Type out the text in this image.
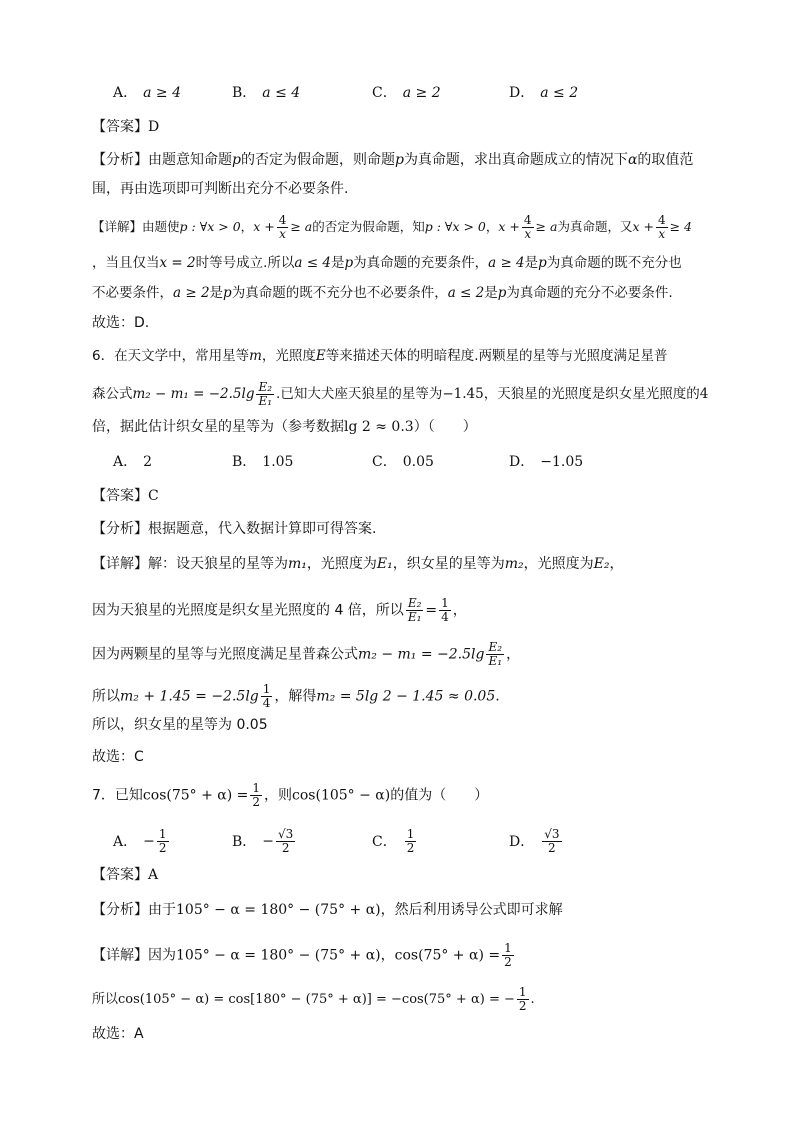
A． a ≥ 4	B． a ≤ 4	C． a ≥ 2	D． a ≤ 2
【答案】D
【分析】由题意知命题p的否定为假命题，则命题p为真命题，求出真命题成立的情况下α的取值范
围，再由选项即可判断出充分不必要条件.
【详解】由题使p : ∀x > 0，$x + \frac{4}{x} \ge a$的否定为假命题，知p : ∀x > 0，$x + \frac{4}{x} \ge a$为真命题，又$x + \frac{4}{x} \ge 4$
，当且仅当x = 2时等号成立.所以a ≤ 4是p为真命题的充要条件，a ≥ 4是p为真命题的既不充分也
不必要条件，a ≥ 2是p为真命题的既不充分也不必要条件，a ≤ 2是p为真命题的充分不必要条件.
故选：D.
6．在天文学中，常用星等m，光照度E等来描述天体的明暗程度.两颗星的星等与光照度满足星普
森公式$m_2 - m_1 = -2.5\lg \frac{\text{E₂}}{\text{E₁}}$ .已知大犬座天狼星的星等为−1.45，天狼星的光照度是织女星光照度的4
倍，据此估计织女星的星等为（参考数据lg 2 ≈ 0.3）（　　）
A． 2	B． 1.05	C． 0.05	D． −1.05
【答案】C
【分析】根据题意，代入数据计算即可得答案.
【详解】解：设天狼星的星等为m₁，光照度为E₁，织女星的星等为m₂，光照度为E₂，
因为天狼星的光照度是织女星光照度的 4 倍，所以 $\frac{\text{E₂}}{\text{E₁}} = \frac{1}{4}$ ，
因为两颗星的星等与光照度满足星普森公式$m_2 - m_1 = -2.5\lg \frac{\text{E₂}}{\text{E₁}}$ ，
所以$m_2 + 1.45 = -2.5\lg \frac{1}{4}$ ，解得m₂ = 5lg 2 − 1.45 ≈ 0.05.
所以，织女星的星等为 0.05
故选：C
7．已知$\cos(75^\circ + \alpha) = \frac{1}{2}$ ，则cos(105° − α)的值为（　　）
A． − $\frac{1}{2}$	B． − $\frac{√3}{2}$	C． $\frac{1}{2}$	D． $\frac{√3}{2}$
【答案】A
【分析】由于105° − α = 180° − (75° + α)，然后利用诱导公式即可求解
【详解】因为105° − α = 180° − (75° + α)，$\cos(75^\circ + \alpha) = \frac{1}{2}$
所以cos(105° − α) = cos[180° − (75° + α)] = −cos(75° + α) = − $\frac{1}{2}$ .
故选：A
